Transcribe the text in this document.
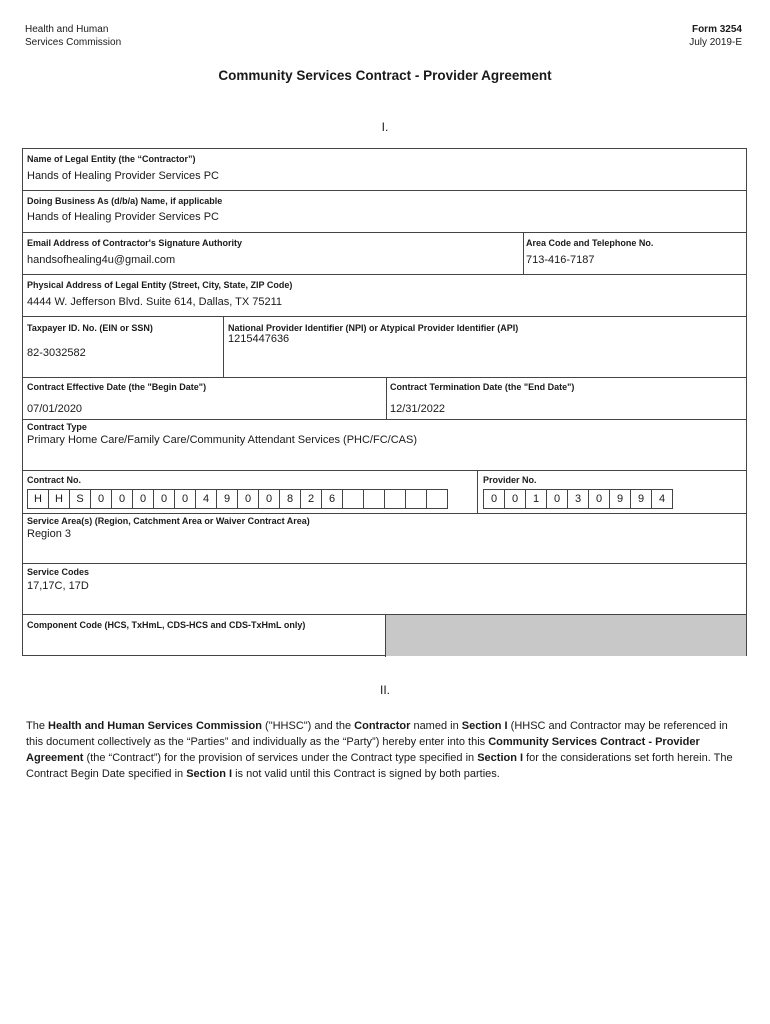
Health and Human
Services Commission
Form 3254
July 2019-E
Community Services Contract - Provider Agreement
I.
Name of Legal Entity (the “Contractor”)
Hands of Healing Provider Services PC
Doing Business As (d/b/a) Name, if applicable
Hands of Healing Provider Services PC
Email Address of Contractor's Signature Authority
handsofhealing4u@gmail.com
Area Code and Telephone No.
713-416-7187
Physical Address of Legal Entity (Street, City, State, ZIP Code)
4444 W. Jefferson Blvd. Suite 614, Dallas, TX 75211
Taxpayer ID. No. (EIN or SSN)
82-3032582
National Provider Identifier (NPI) or Atypical Provider Identifier (API)
1215447636
Contract Effective Date (the "Begin Date")
07/01/2020
Contract Termination Date (the "End Date")
12/31/2022
Contract Type
Primary Home Care/Family Care/Community Attendant Services (PHC/FC/CAS)
Contract No.
H	H	S	0	0	0	0	0	4	9	0	0	8	2	6
Provider No.
0	0	1	0	3	0	9	9	4
Service Area(s) (Region, Catchment Area or Waiver Contract Area)
Region 3
Service Codes
17,17C, 17D
Component Code (HCS, TxHmL, CDS-HCS and CDS-TxHmL only)
II.
The Health and Human Services Commission ("HHSC") and the Contractor named in Section I (HHSC and Contractor may be referenced in this document collectively as the “Parties” and individually as the “Party”) hereby enter into this Community Services Contract - Provider Agreement (the “Contract”) for the provision of services under the Contract type specified in Section I for the considerations set forth herein. The Contract Begin Date specified in Section I is not valid until this Contract is signed by both parties.
